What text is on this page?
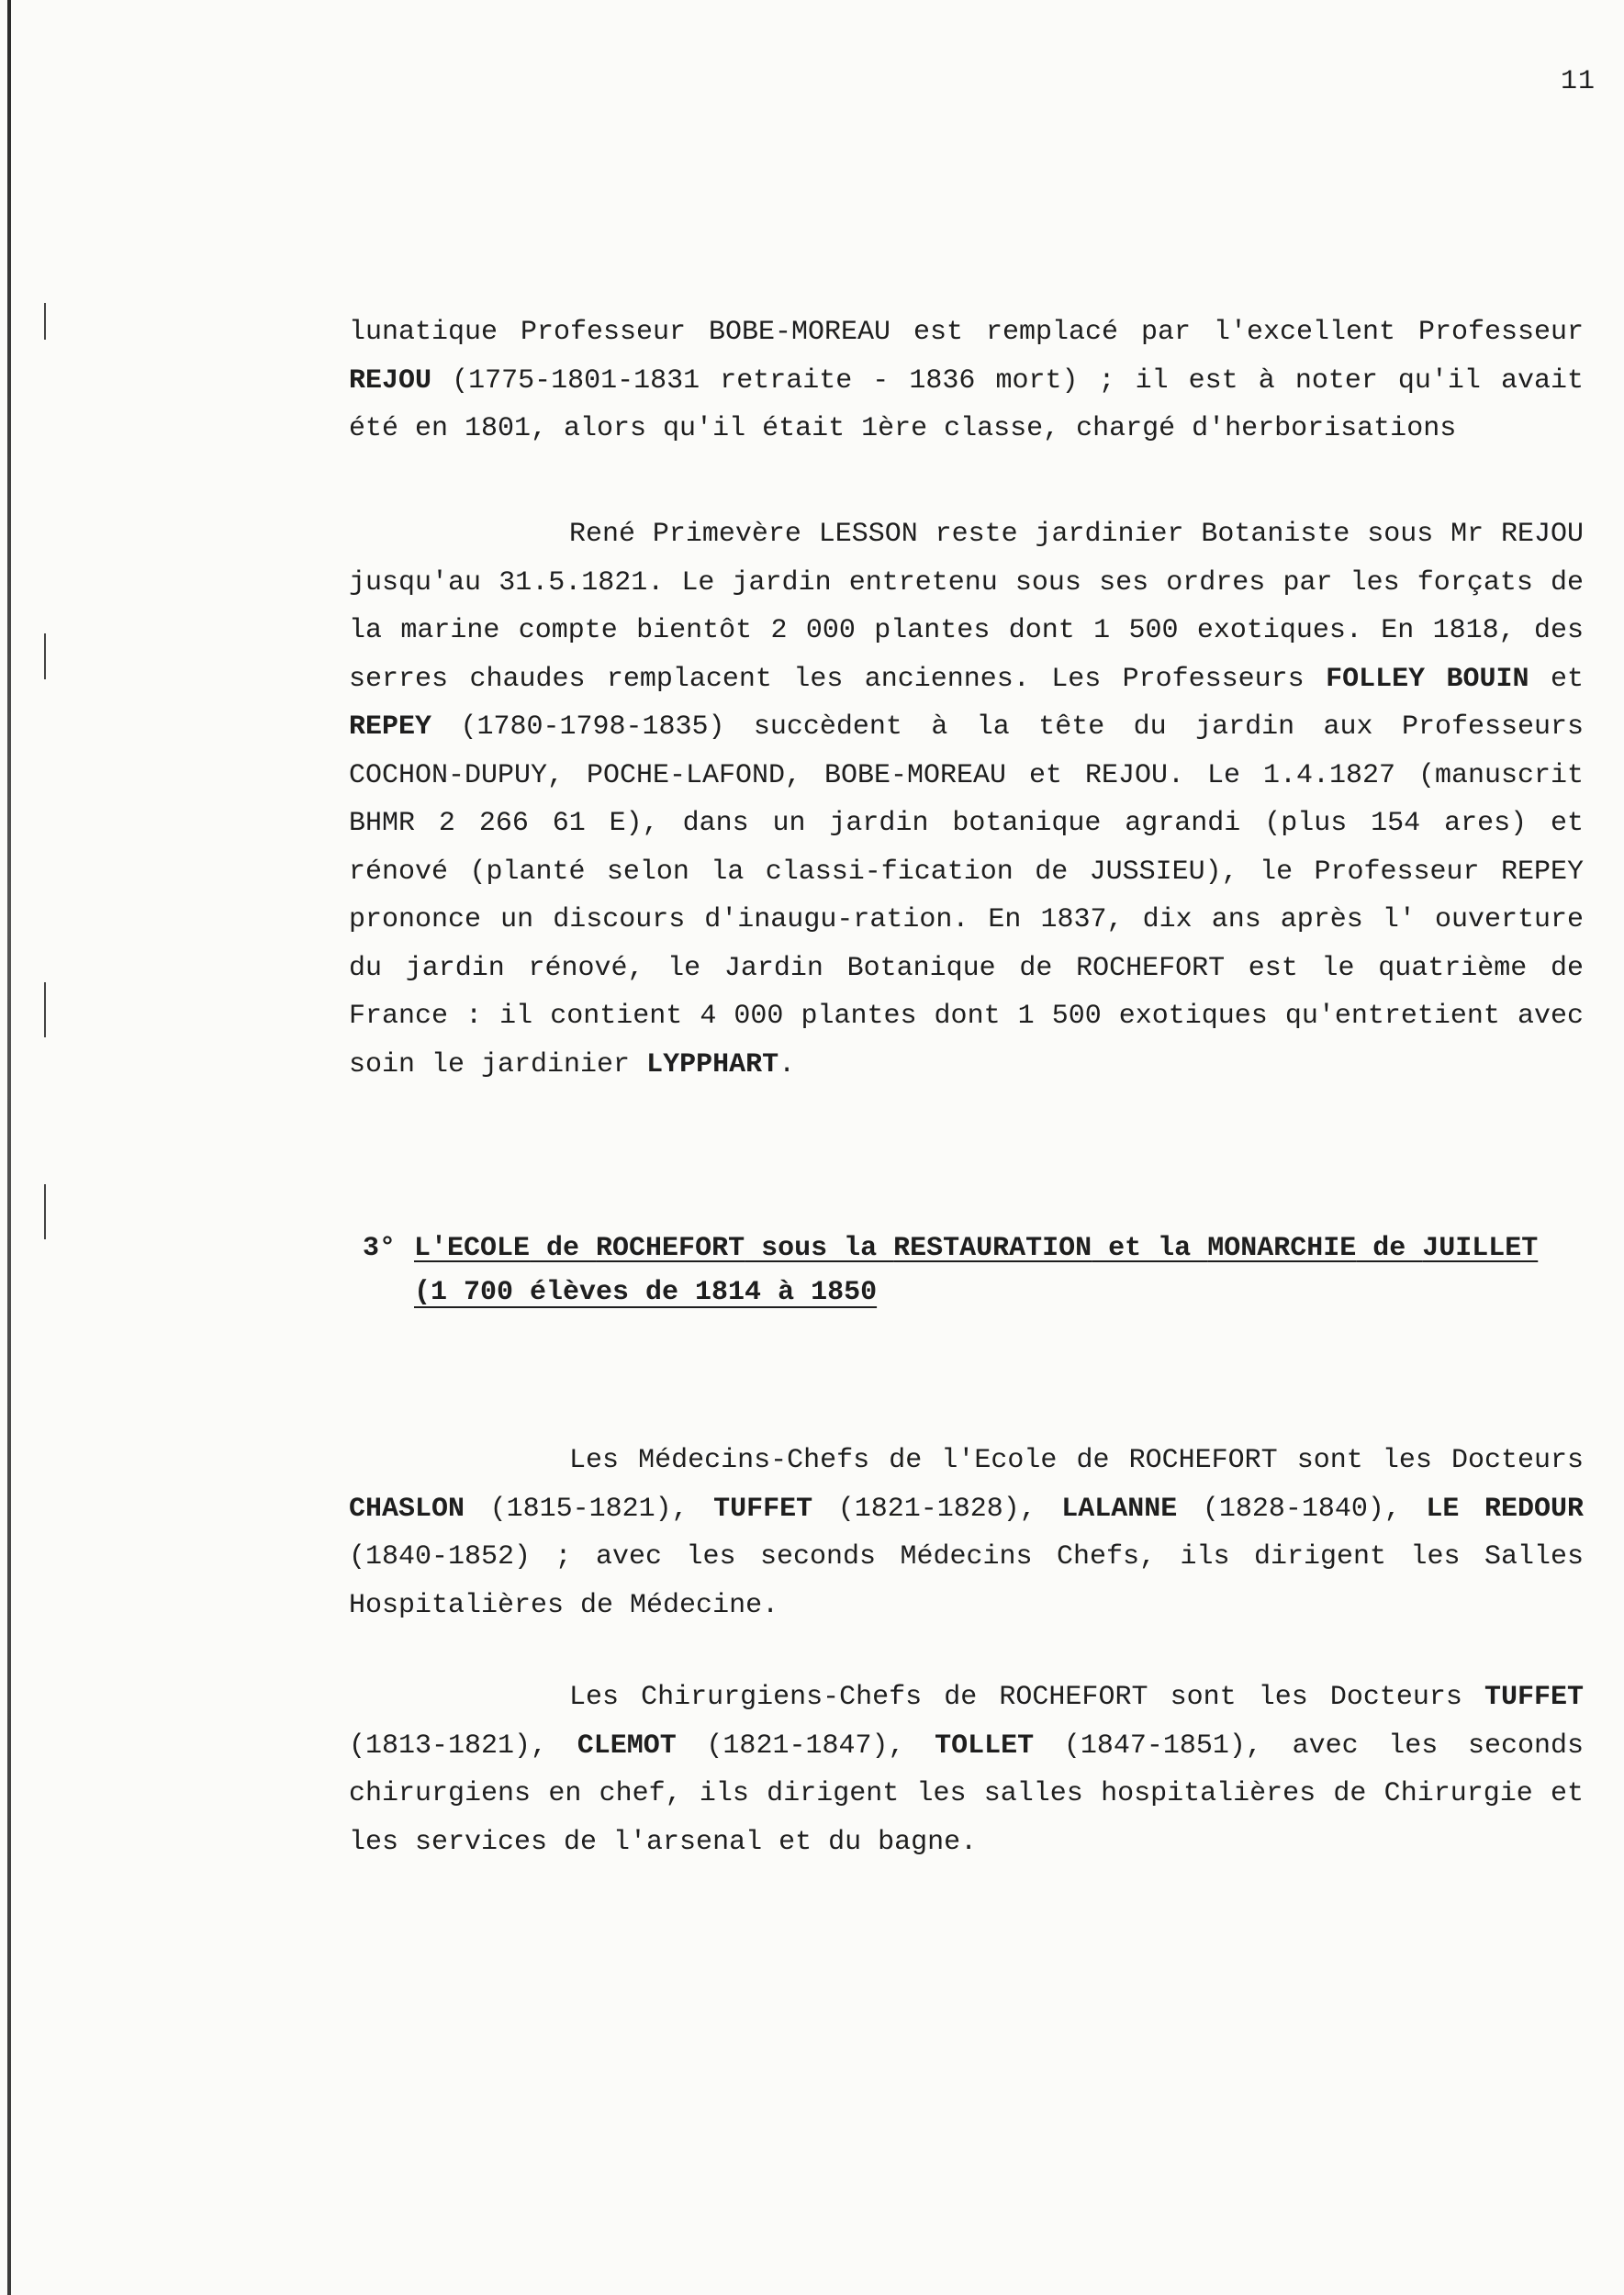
11

lunatique Professeur BOBE-MOREAU est remplacé par l'excellent Professeur REJOU (1775-1801-1831 retraite - 1836 mort) ; il est à noter qu'il avait été en 1801, alors qu'il était 1ère classe, chargé d'herborisations

René Primevère LESSON reste jardinier Botaniste sous Mr REJOU jusqu'au 31.5.1821. Le jardin entretenu sous ses ordres par les forçats de la marine compte bientôt 2 000 plantes dont 1 500 exotiques. En 1818, des serres chaudes remplacent les anciennes. Les Professeurs FOLLEY BOUIN et REPEY (1780-1798-1835) succèdent à la tête du jardin aux Professeurs COCHON-DUPUY, POCHE-LAFOND, BOBE-MOREAU et REJOU. Le 1.4.1827 (manuscrit BHMR 2 266 61 E), dans un jardin botanique agrandi (plus 154 ares) et rénové (planté selon la classi-fication de JUSSIEU), le Professeur REPEY prononce un discours d'inaugu-ration. En 1837, dix ans après l' ouverture du jardin rénové, le Jardin Botanique de ROCHEFORT est le quatrième de France : il contient 4 000 plantes dont 1 500 exotiques qu'entretient avec soin le jardinier LYPPHART.

3° L'ECOLE de ROCHEFORT sous la RESTAURATION et la MONARCHIE de JUILLET
(1 700 élèves de 1814 à 1850

Les Médecins-Chefs de l'Ecole de ROCHEFORT sont les Docteurs CHASLON (1815-1821), TUFFET (1821-1828), LALANNE (1828-1840), LE REDOUR (1840-1852) ; avec les seconds Médecins Chefs, ils dirigent les Salles Hospitalières de Médecine.

Les Chirurgiens-Chefs de ROCHEFORT sont les Docteurs TUFFET (1813-1821), CLEMOT (1821-1847), TOLLET (1847-1851), avec les seconds chirurgiens en chef, ils dirigent les salles hospitalières de Chirurgie et les services de l'arsenal et du bagne.
